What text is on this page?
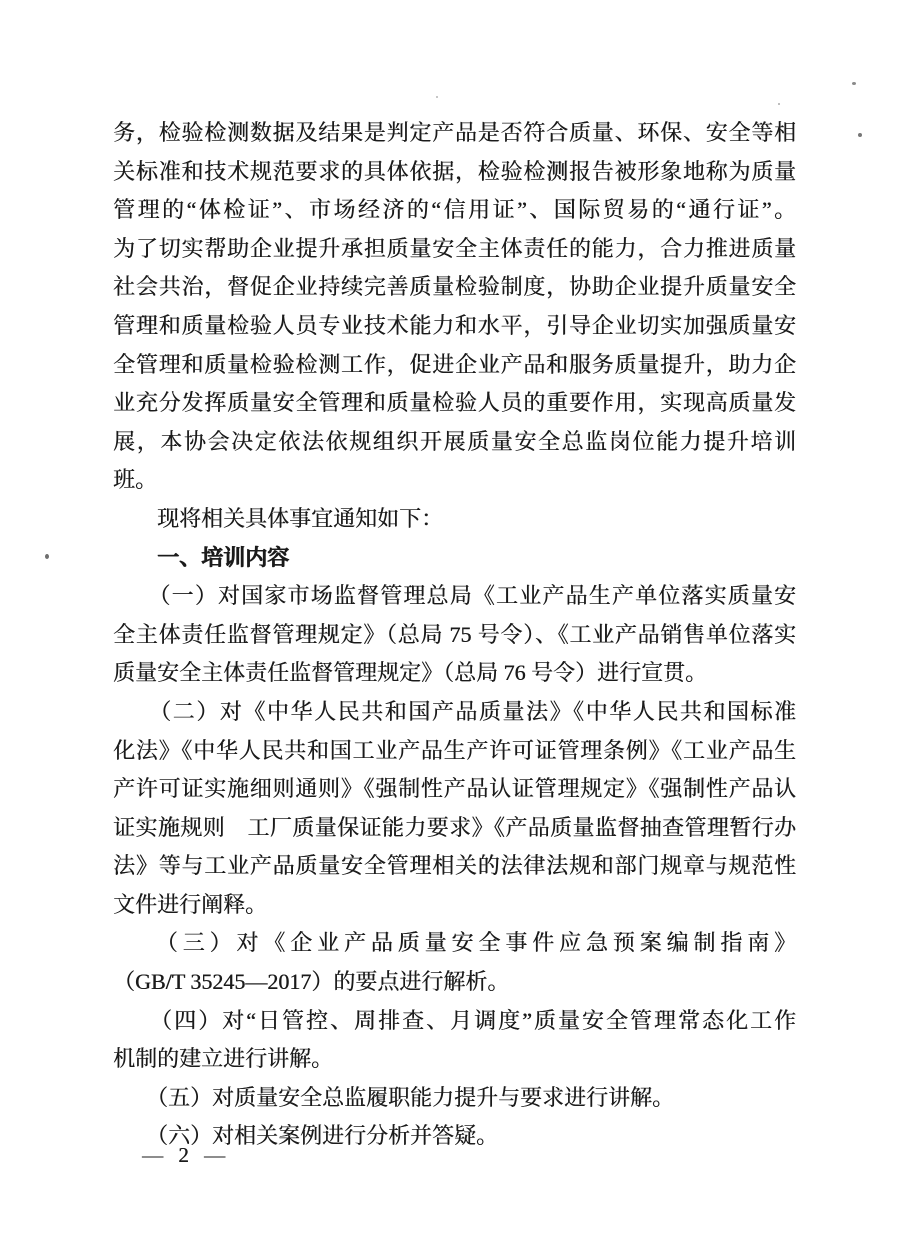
务，检验检测数据及结果是判定产品是否符合质量、环保、安全等相
关标准和技术规范要求的具体依据，检验检测报告被形象地称为质量
管理的“体检证”、市场经济的“信用证”、国际贸易的“通行证”。
为了切实帮助企业提升承担质量安全主体责任的能力，合力推进质量
社会共治，督促企业持续完善质量检验制度，协助企业提升质量安全
管理和质量检验人员专业技术能力和水平，引导企业切实加强质量安
全管理和质量检验检测工作，促进企业产品和服务质量提升，助力企
业充分发挥质量安全管理和质量检验人员的重要作用，实现高质量发
展，本协会决定依法依规组织开展质量安全总监岗位能力提升培训
班。
　　现将相关具体事宜通知如下：
　　一、培训内容
　　（一）对国家市场监督管理总局《工业产品生产单位落实质量安
全主体责任监督管理规定》（总局 75 号令）、《工业产品销售单位落实
质量安全主体责任监督管理规定》（总局 76 号令）进行宣贯。
　　（二）对《中华人民共和国产品质量法》《中华人民共和国标准
化法》《中华人民共和国工业产品生产许可证管理条例》《工业产品生
产许可证实施细则通则》《强制性产品认证管理规定》《强制性产品认
证实施规则　工厂质量保证能力要求》《产品质量监督抽查管理暂行办
法》等与工业产品质量安全管理相关的法律法规和部门规章与规范性
文件进行阐释。
　　（三）对《企业产品质量安全事件应急预案编制指南》
（GB/T 35245—2017）的要点进行解析。
　　（四）对“日管控、周排查、月调度”质量安全管理常态化工作
机制的建立进行讲解。
　　（五）对质量安全总监履职能力提升与要求进行讲解。
　　（六）对相关案例进行分析并答疑。
— 2 —
